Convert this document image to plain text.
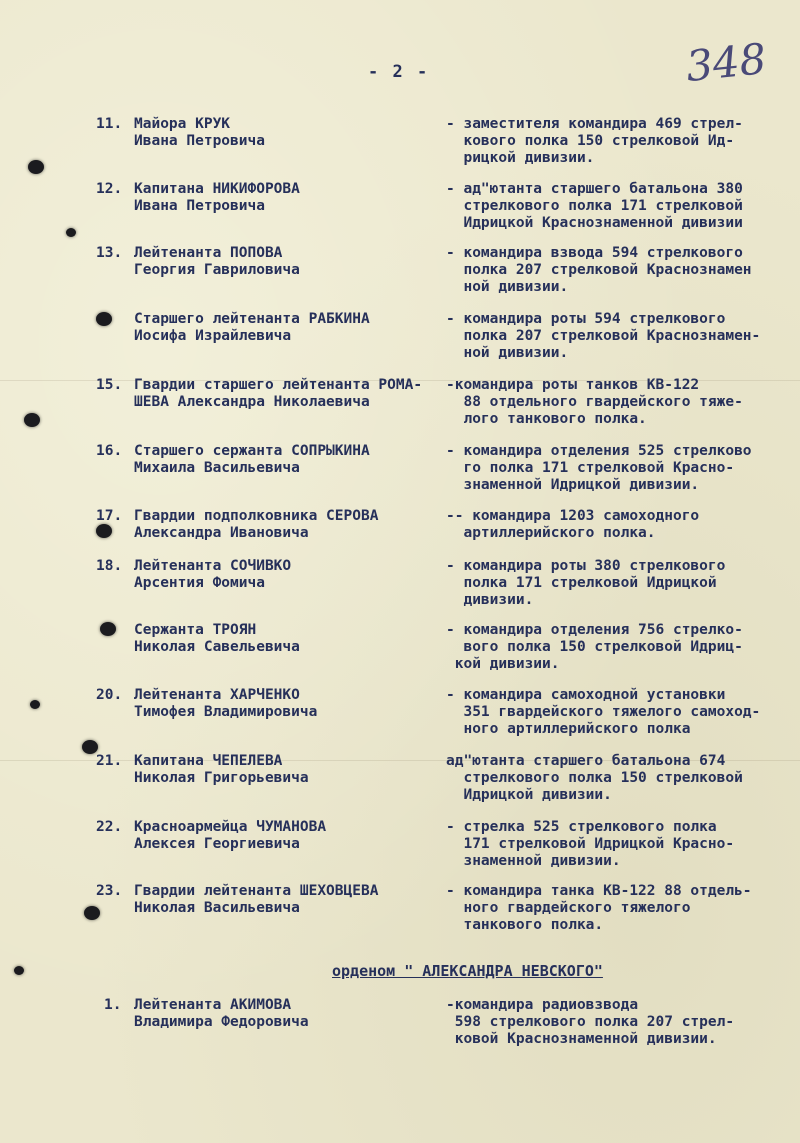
- 2 -	348
11. Майора КРУК
Ивана Петровича
- заместителя командира 469 стрел-
кового полка 150 стрелковой Ид-
рицкой дивизии.
12. Капитана НИКИФОРОВА
Ивана Петровича
- ад"ютанта старшего батальона 380
стрелкового полка 171 стрелковой
Идрицкой Краснознаменной дивизии
13. Лейтенанта ПОПОВА
Георгия Гавриловича
- командира взвода 594 стрелкового
полка 207 стрелковой Краснознамен
ной дивизии.
Старшего лейтенанта РАБКИНА
Иосифа Израйлевича
- командира роты 594 стрелкового
полка 207 стрелковой Краснознамен-
ной дивизии.
15. Гвардии старшего лейтенанта РОМА-
ШЕВА Александра Николаевича
-командира роты танков КВ-122
88 отдельного гвардейского тяже-
лого танкового полка.
16. Старшего сержанта СОПРЫКИНА
Михаила Васильевича
- командира отделения 525 стрелково
го полка 171 стрелковой Красно-
знаменной Идрицкой дивизии.
17. Гвардии подполковника СЕРОВА
Александра Ивановича
-- командира 1203 самоходного
артиллерийского полка.
18. Лейтенанта СОЧИВКО
Арсентия Фомича
- командира роты 380 стрелкового
полка 171 стрелковой Идрицкой
дивизии.
Сержанта ТРОЯН
Николая Савельевича
- командира отделения 756 стрелко-
вого полка 150 стрелковой Идриц-
кой дивизии.
20. Лейтенанта ХАРЧЕНКО
Тимофея Владимировича
- командира самоходной установки
351 гвардейского тяжелого самоход-
ного артиллерийского полка
21. Капитана ЧЕПЕЛЕВА
Николая Григорьевича
ад"ютанта старшего батальона 674
стрелкового полка 150 стрелковой
Идрицкой дивизии.
22. Красноармейца ЧУМАНОВА
Алексея Георгиевича
- стрелка 525 стрелкового полка
171 стрелковой Идрицкой Красно-
знаменной дивизии.
23. Гвардии лейтенанта ШЕХОВЦЕВА
Николая Васильевича
- командира танка КВ-122 88 отдель-
ного гвардейского тяжелого
танкового полка.
орденом " АЛЕКСАНДРА НЕВСКОГО"
1. Лейтенанта АКИМОВА
Владимира Федоровича
-командира радиовзвода
598 стрелкового полка 207 стрел-
ковой Краснознаменной дивизии.
